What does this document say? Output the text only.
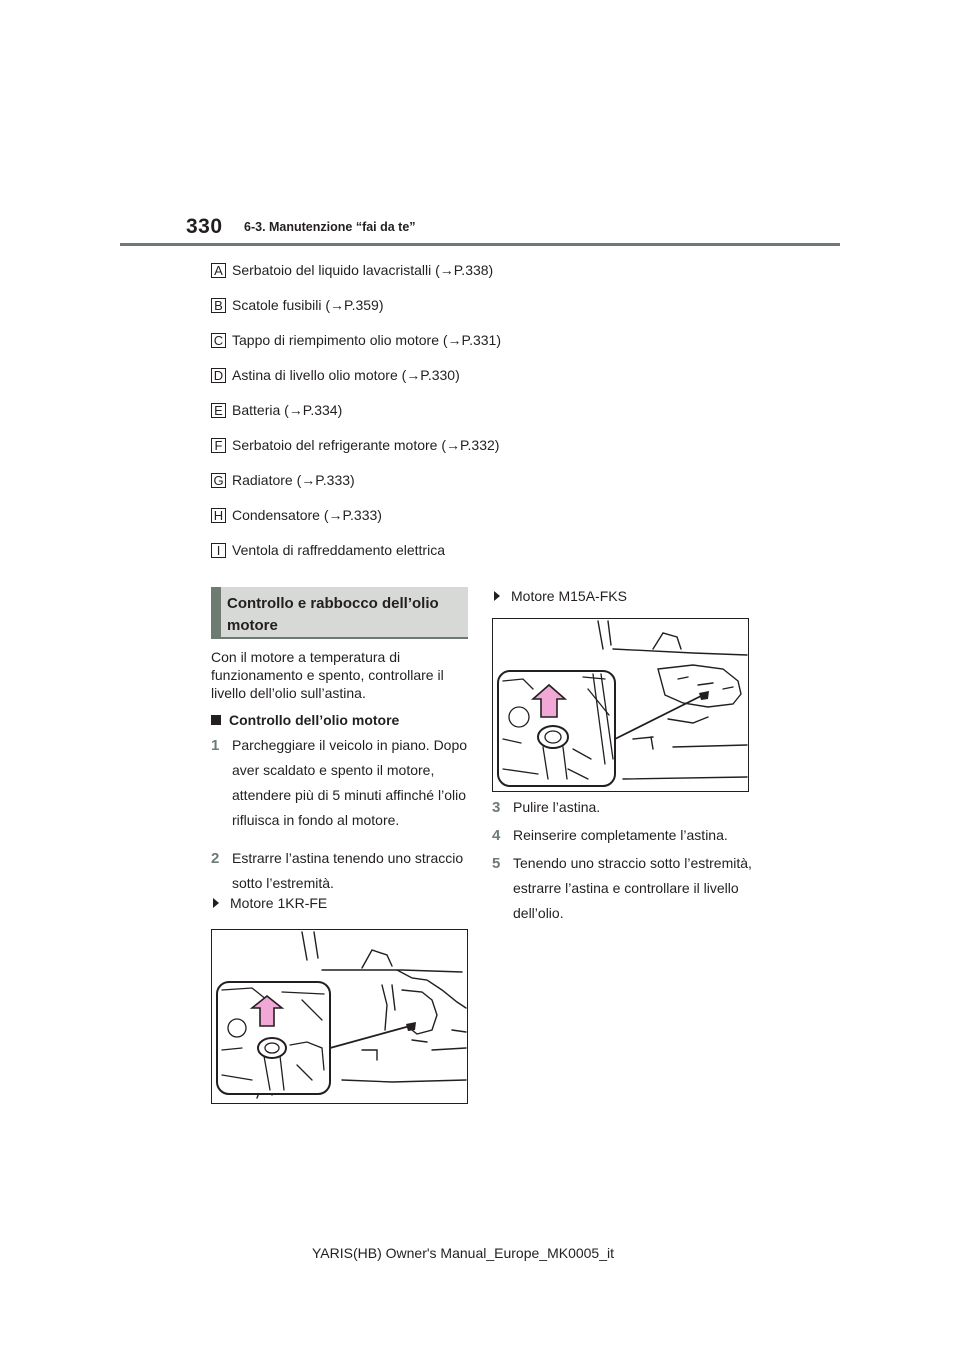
330 6-3. Manutenzione “fai da te”
A Serbatoio del liquido lavacristalli (→P.338)
B Scatole fusibili (→P.359)
C Tappo di riempimento olio motore (→P.331)
D Astina di livello olio motore (→P.330)
E Batteria (→P.334)
F Serbatoio del refrigerante motore (→P.332)
G Radiatore (→P.333)
H Condensatore (→P.333)
I Ventola di raffreddamento elettrica
Controllo e rabbocco dell’olio motore
Con il motore a temperatura di funzionamento e spento, controllare il livello dell’olio sull’astina.
Controllo dell’olio motore
1 Parcheggiare il veicolo in piano. Dopo aver scaldato e spento il motore, attendere più di 5 minuti affinché l’olio rifluisca in fondo al motore.
2 Estrarre l’astina tenendo uno straccio sotto l’estremità.
Motore 1KR-FE
Motore M15A-FKS
3 Pulire l’astina.
4 Reinserire completamente l’astina.
5 Tenendo uno straccio sotto l’estremità, estrarre l’astina e controllare il livello dell’olio.
YARIS(HB) Owner's Manual_Europe_MK0005_it
